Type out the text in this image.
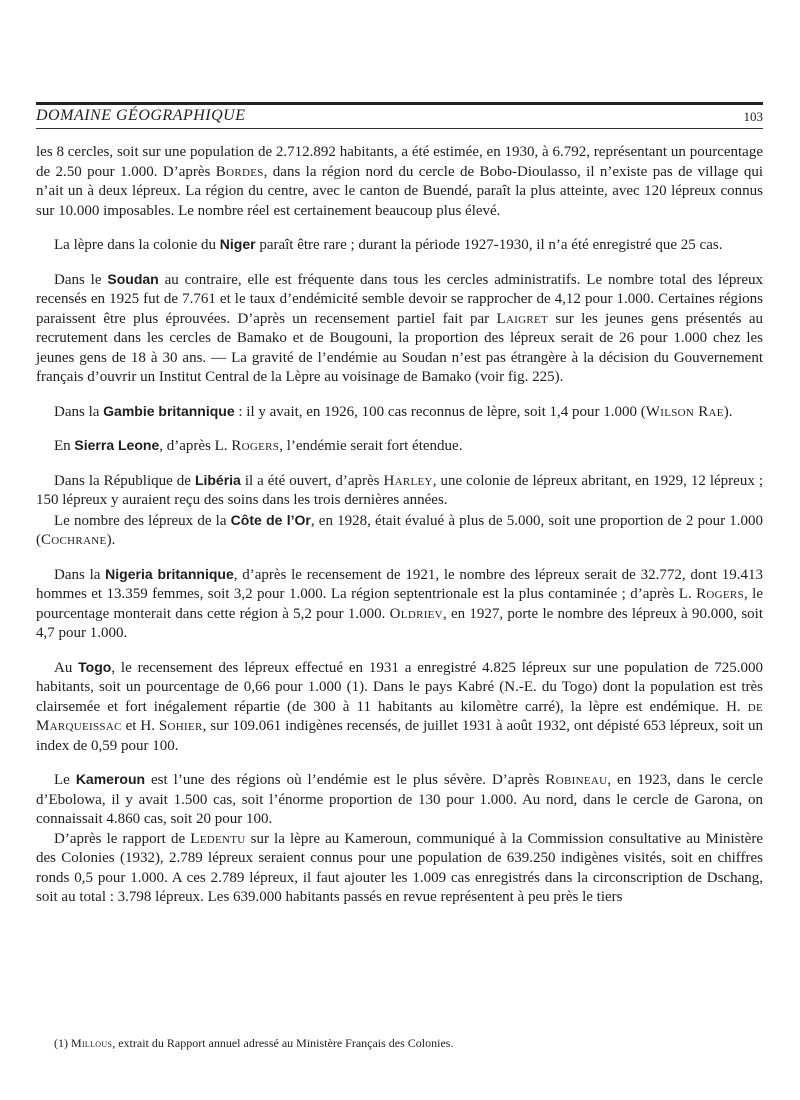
DOMAINE GÉOGRAPHIQUE	103

les 8 cercles, soit sur une population de 2.712.892 habitants, a été estimée, en 1930, à 6.792, représentant un pourcentage de 2.50 pour 1.000. D’après Bordes, dans la région nord du cercle de Bobo-Dioulasso, il n’existe pas de village qui n’ait un à deux lépreux. La région du centre, avec le canton de Buendé, paraît la plus atteinte, avec 120 lépreux connus sur 10.000 imposables. Le nombre réel est certainement beaucoup plus élevé.

La lèpre dans la colonie du Niger paraît être rare ; durant la période 1927-1930, il n’a été enregistré que 25 cas.

Dans le Soudan au contraire, elle est fréquente dans tous les cercles administratifs. Le nombre total des lépreux recensés en 1925 fut de 7.761 et le taux d’endémicité semble devoir se rapprocher de 4,12 pour 1.000. Certaines régions paraissent être plus éprouvées. D’après un recensement partiel fait par Laigret sur les jeunes gens présentés au recrutement dans les cercles de Bamako et de Bougouni, la proportion des lépreux serait de 26 pour 1.000 chez les jeunes gens de 18 à 30 ans. — La gravité de l’endémie au Soudan n’est pas étrangère à la décision du Gouvernement français d’ouvrir un Institut Central de la Lèpre au voisinage de Bamako (voir fig. 225).

Dans la Gambie britannique : il y avait, en 1926, 100 cas reconnus de lèpre, soit 1,4 pour 1.000 (Wilson Rae).

En Sierra Leone, d’après L. Rogers, l’endémie serait fort étendue.

Dans la République de Libéria il a été ouvert, d’après Harley, une colonie de lépreux abritant, en 1929, 12 lépreux ; 150 lépreux y auraient reçu des soins dans les trois dernières années.

Le nombre des lépreux de la Côte de l’Or, en 1928, était évalué à plus de 5.000, soit une proportion de 2 pour 1.000 (Cochrane).

Dans la Nigeria britannique, d’après le recensement de 1921, le nombre des lépreux serait de 32.772, dont 19.413 hommes et 13.359 femmes, soit 3,2 pour 1.000. La région septentrionale est la plus contaminée ; d’après L. Rogers, le pourcentage monterait dans cette région à 5,2 pour 1.000. Oldriev, en 1927, porte le nombre des lépreux à 90.000, soit 4,7 pour 1.000.

Au Togo, le recensement des lépreux effectué en 1931 a enregistré 4.825 lépreux sur une population de 725.000 habitants, soit un pourcentage de 0,66 pour 1.000 (1). Dans le pays Kabré (N.-E. du Togo) dont la population est très clairsemée et fort inégalement répartie (de 300 à 11 habitants au kilomètre carré), la lèpre est endémique. H. de Marqueissac et H. Sohier, sur 109.061 indigènes recensés, de juillet 1931 à août 1932, ont dépisté 653 lépreux, soit un index de 0,59 pour 100.

Le Kameroun est l’une des régions où l’endémie est le plus sévère. D’après Robineau, en 1923, dans le cercle d’Ebolowa, il y avait 1.500 cas, soit l’énorme proportion de 130 pour 1.000. Au nord, dans le cercle de Garona, on connaissait 4.860 cas, soit 20 pour 100.

D’après le rapport de Ledentu sur la lèpre au Kameroun, communiqué à la Commission consultative au Ministère des Colonies (1932), 2.789 lépreux seraient connus pour une population de 639.250 indigènes visités, soit en chiffres ronds 0,5 pour 1.000. A ces 2.789 lépreux, il faut ajouter les 1.009 cas enregistrés dans la circonscription de Dschang, soit au total : 3.798 lépreux. Les 639.000 habitants passés en revue représentent à peu près le tiers

(1) Millous, extrait du Rapport annuel adressé au Ministère Français des Colonies.
